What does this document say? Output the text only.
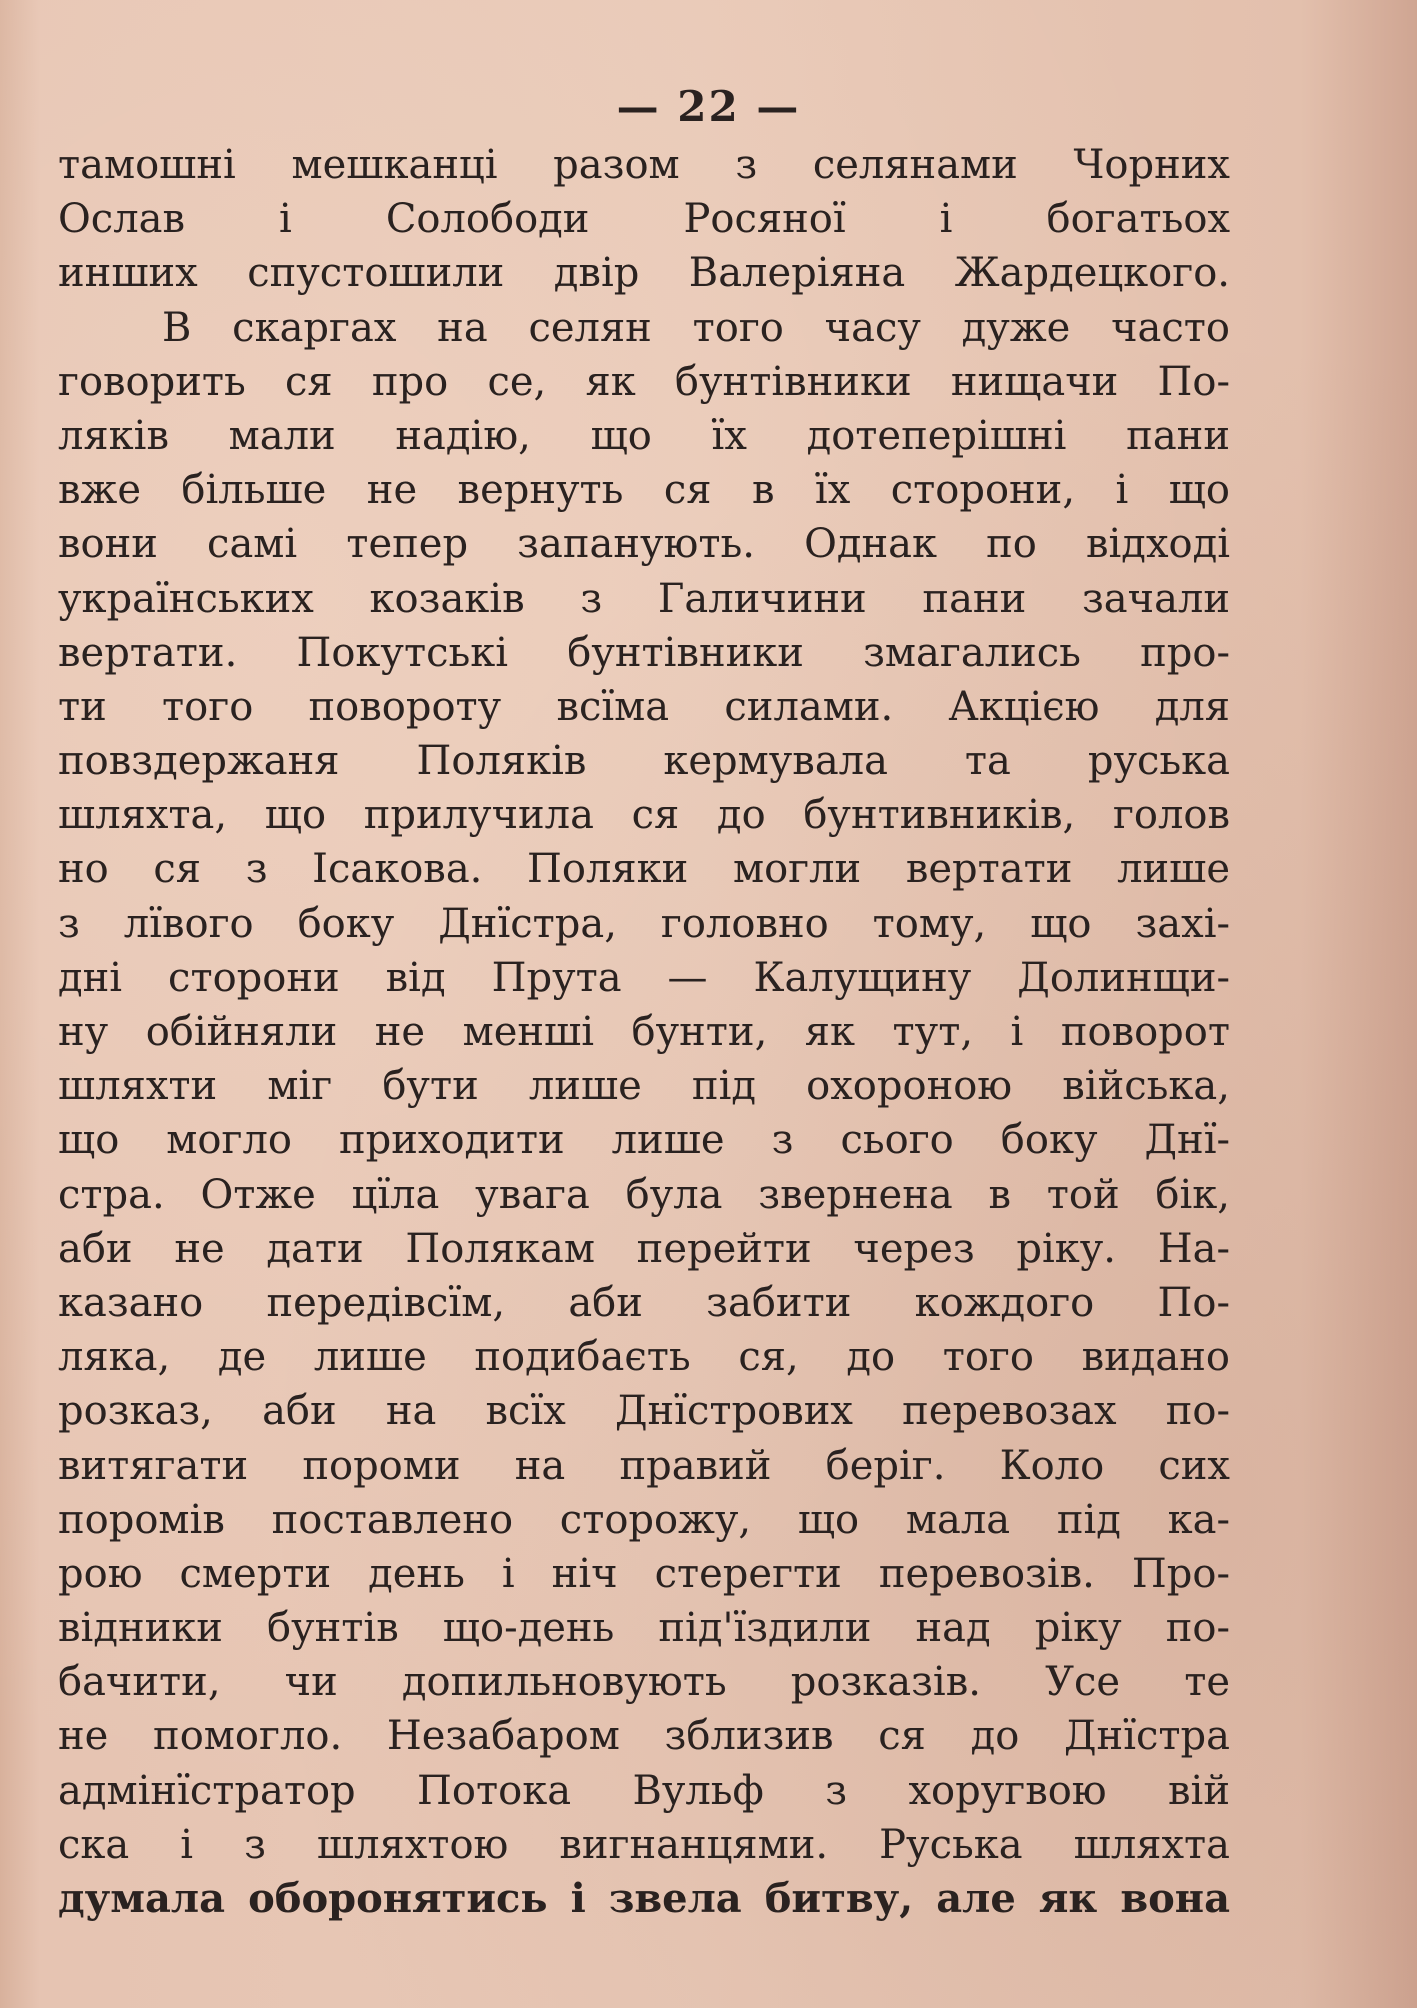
— 22 —
тамошні мешканці разом з селянами Чорних
Ослав і Солободи Росяної і богатьох
инших спустошили двір Валеріяна Жардецкого.
В скаргах на селян того часу дуже часто
говорить ся про се, як бунтівники нищачи По-
ляків мали надію, що їх дотеперішні пани
вже більше не вернуть ся в їх сторони, і що
вони самі тепер запанують. Однак по відході
українських козаків з Галичини пани зачали
вертати. Покутські бунтівники змагались про-
ти того повороту всїма силами. Акцією для
повздержаня Поляків кермувала та руська
шляхта, що прилучила ся до бунтивників, голов
но ся з Ісакова. Поляки могли вертати лише
з лївого боку Днїстра, головно тому, що захі-
дні сторони від Прута — Калущину Долинщи-
ну обійняли не менші бунти, як тут, і поворот
шляхти міг бути лише під охороною війська,
що могло приходити лише з сього боку Днї-
стра. Отже цїла увага була звернена в той бік,
аби не дати Полякам перейти через ріку. На-
казано передівсїм, аби забити кождого По-
ляка, де лише подибаєть ся, до того видано
розказ, аби на всїх Днїстрових перевозах по-
витягати пороми на правий беріг. Коло сих
поромів поставлено сторожу, що мала під ка-
рою смерти день і ніч стерегти перевозів. Про-
відники бунтів що-день під'їздили над ріку по-
бачити, чи допильновують розказів. Усе те
не помогло. Незабаром зблизив ся до Днїстра
адмінїстратор Потока Вульф з хоругвою вій
ска і з шляхтою вигнанцями. Руська шляхта
думала оборонятись і звела битву, але як вона
